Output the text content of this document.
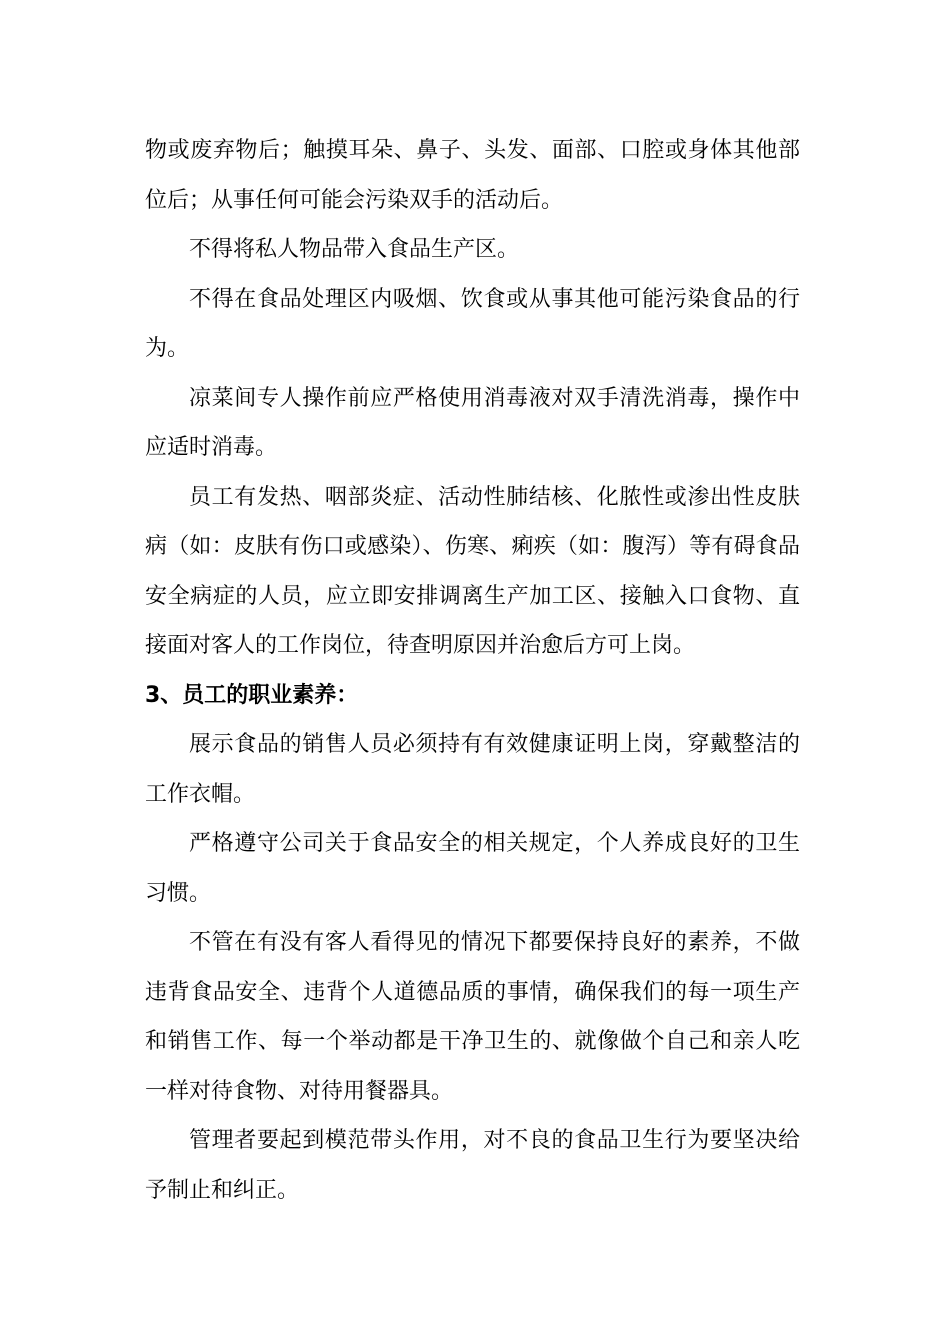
物或废弃物后；触摸耳朵、鼻子、头发、面部、口腔或身体其他部位后；从事任何可能会污染双手的活动后。

不得将私人物品带入食品生产区。

不得在食品处理区内吸烟、饮食或从事其他可能污染食品的行为。

凉菜间专人操作前应严格使用消毒液对双手清洗消毒，操作中应适时消毒。

员工有发热、咽部炎症、活动性肺结核、化脓性或渗出性皮肤病（如：皮肤有伤口或感染）、伤寒、痢疾（如：腹泻）等有碍食品安全病症的人员，应立即安排调离生产加工区、接触入口食物、直接面对客人的工作岗位，待查明原因并治愈后方可上岗。

3、员工的职业素养：

展示食品的销售人员必须持有有效健康证明上岗，穿戴整洁的工作衣帽。

严格遵守公司关于食品安全的相关规定，个人养成良好的卫生习惯。

不管在有没有客人看得见的情况下都要保持良好的素养，不做违背食品安全、违背个人道德品质的事情，确保我们的每一项生产和销售工作、每一个举动都是干净卫生的、就像做个自己和亲人吃一样对待食物、对待用餐器具。

管理者要起到模范带头作用，对不良的食品卫生行为要坚决给予制止和纠正。
